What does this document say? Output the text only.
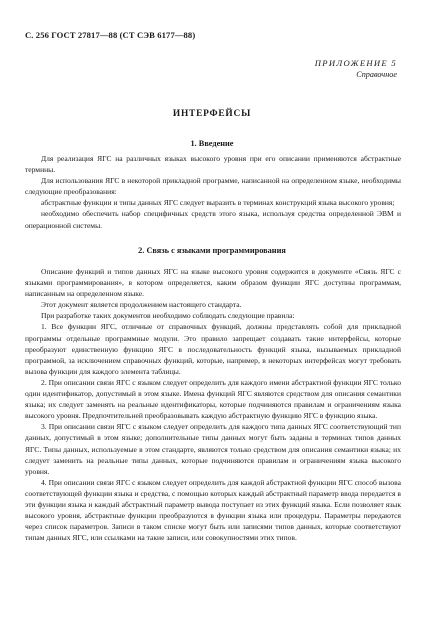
С. 256 ГОСТ 27817—88 (СТ СЭВ 6177—88)
ПРИЛОЖЕНИЕ 5
Справочное
ИНТЕРФЕЙСЫ
1. Введение

Для реализация ЯГС на различных языках высокого уровня при его описании применяются абстрактные термины.

Для использования ЯГС в некоторой прикладной программе, написанной на определенном языке, необходимы следующие преобразования:

абстрактные функции и типы данных ЯГС следует выразить в терминах конструкций языка высокого уровня;

необходимо обеспечить набор специфичных средств этого языка, используя средства определенной ЭВМ и операционной системы.

2. Связь с языками программирования

Описание функций и типов данных ЯГС на языке высокого уровня содержится в документе «Связь ЯГС с языками программирования», в котором определяется, каким образом функции ЯГС доступны программам, написанным на определенном языке.

Этот документ является продолжением настоящего стандарта.

При разработке таких документов необходимо соблюдать следующие правила:

1. Все функции ЯГС, отличные от справочных функций, должны представлять собой для прикладной программы отдельные программные модули. Это правило запрещает создавать такие интерфейсы, которые преобразуют единственную функцию ЯГС в последовательность функций языка, вызываемых прикладной программой, за исключением справочных функций, которые, например, в некоторых интерфейсах могут требовать вызова функции для каждого элемента таблицы.

2. При описании связи ЯГС с языком следует определить для каждого имени абстрактной функции ЯГС только один идентификатор, допустимый в этом языке. Имена функций ЯГС являются средством для описания семантики языка; их следует заменять на реальные идентификаторы, которые подчиняются правилам и ограничениям языка высокого уровня. Предпочтительней преобразовывать каждую абстрактную функцию ЯГС в функцию языка.

3. При описании связи ЯГС с языком следует определить для каждого типа данных ЯГС соответствующий тип данных, допустимый в этом языке; дополнительные типы данных могут быть заданы в терминах типов данных ЯГС. Типы данных, используемые в этом стандарте, являются только средством для описания семантики языка; их следует заменить на реальные типы данных, которые подчиняются правилам и ограничениям языка высокого уровня.

4. При описании связи ЯГС с языком следует определить для каждой абстрактной функции ЯГС способ вызова соответствующей функции языка и средства, с помощью которых каждый абстрактный параметр ввода передается в эти функции языка и каждый абстрактный параметр вывода поступает из этих функций языка. Если позволяет язык высокого уровня, абстрактные функции преобразуются в функции языка или процедуры. Параметры передаются через список параметров. Записи в таком списке могут быть или записями типов данных, которые соответствуют типам данных ЯГС, или ссылками на такие записи, или совокупностями этих типов.
